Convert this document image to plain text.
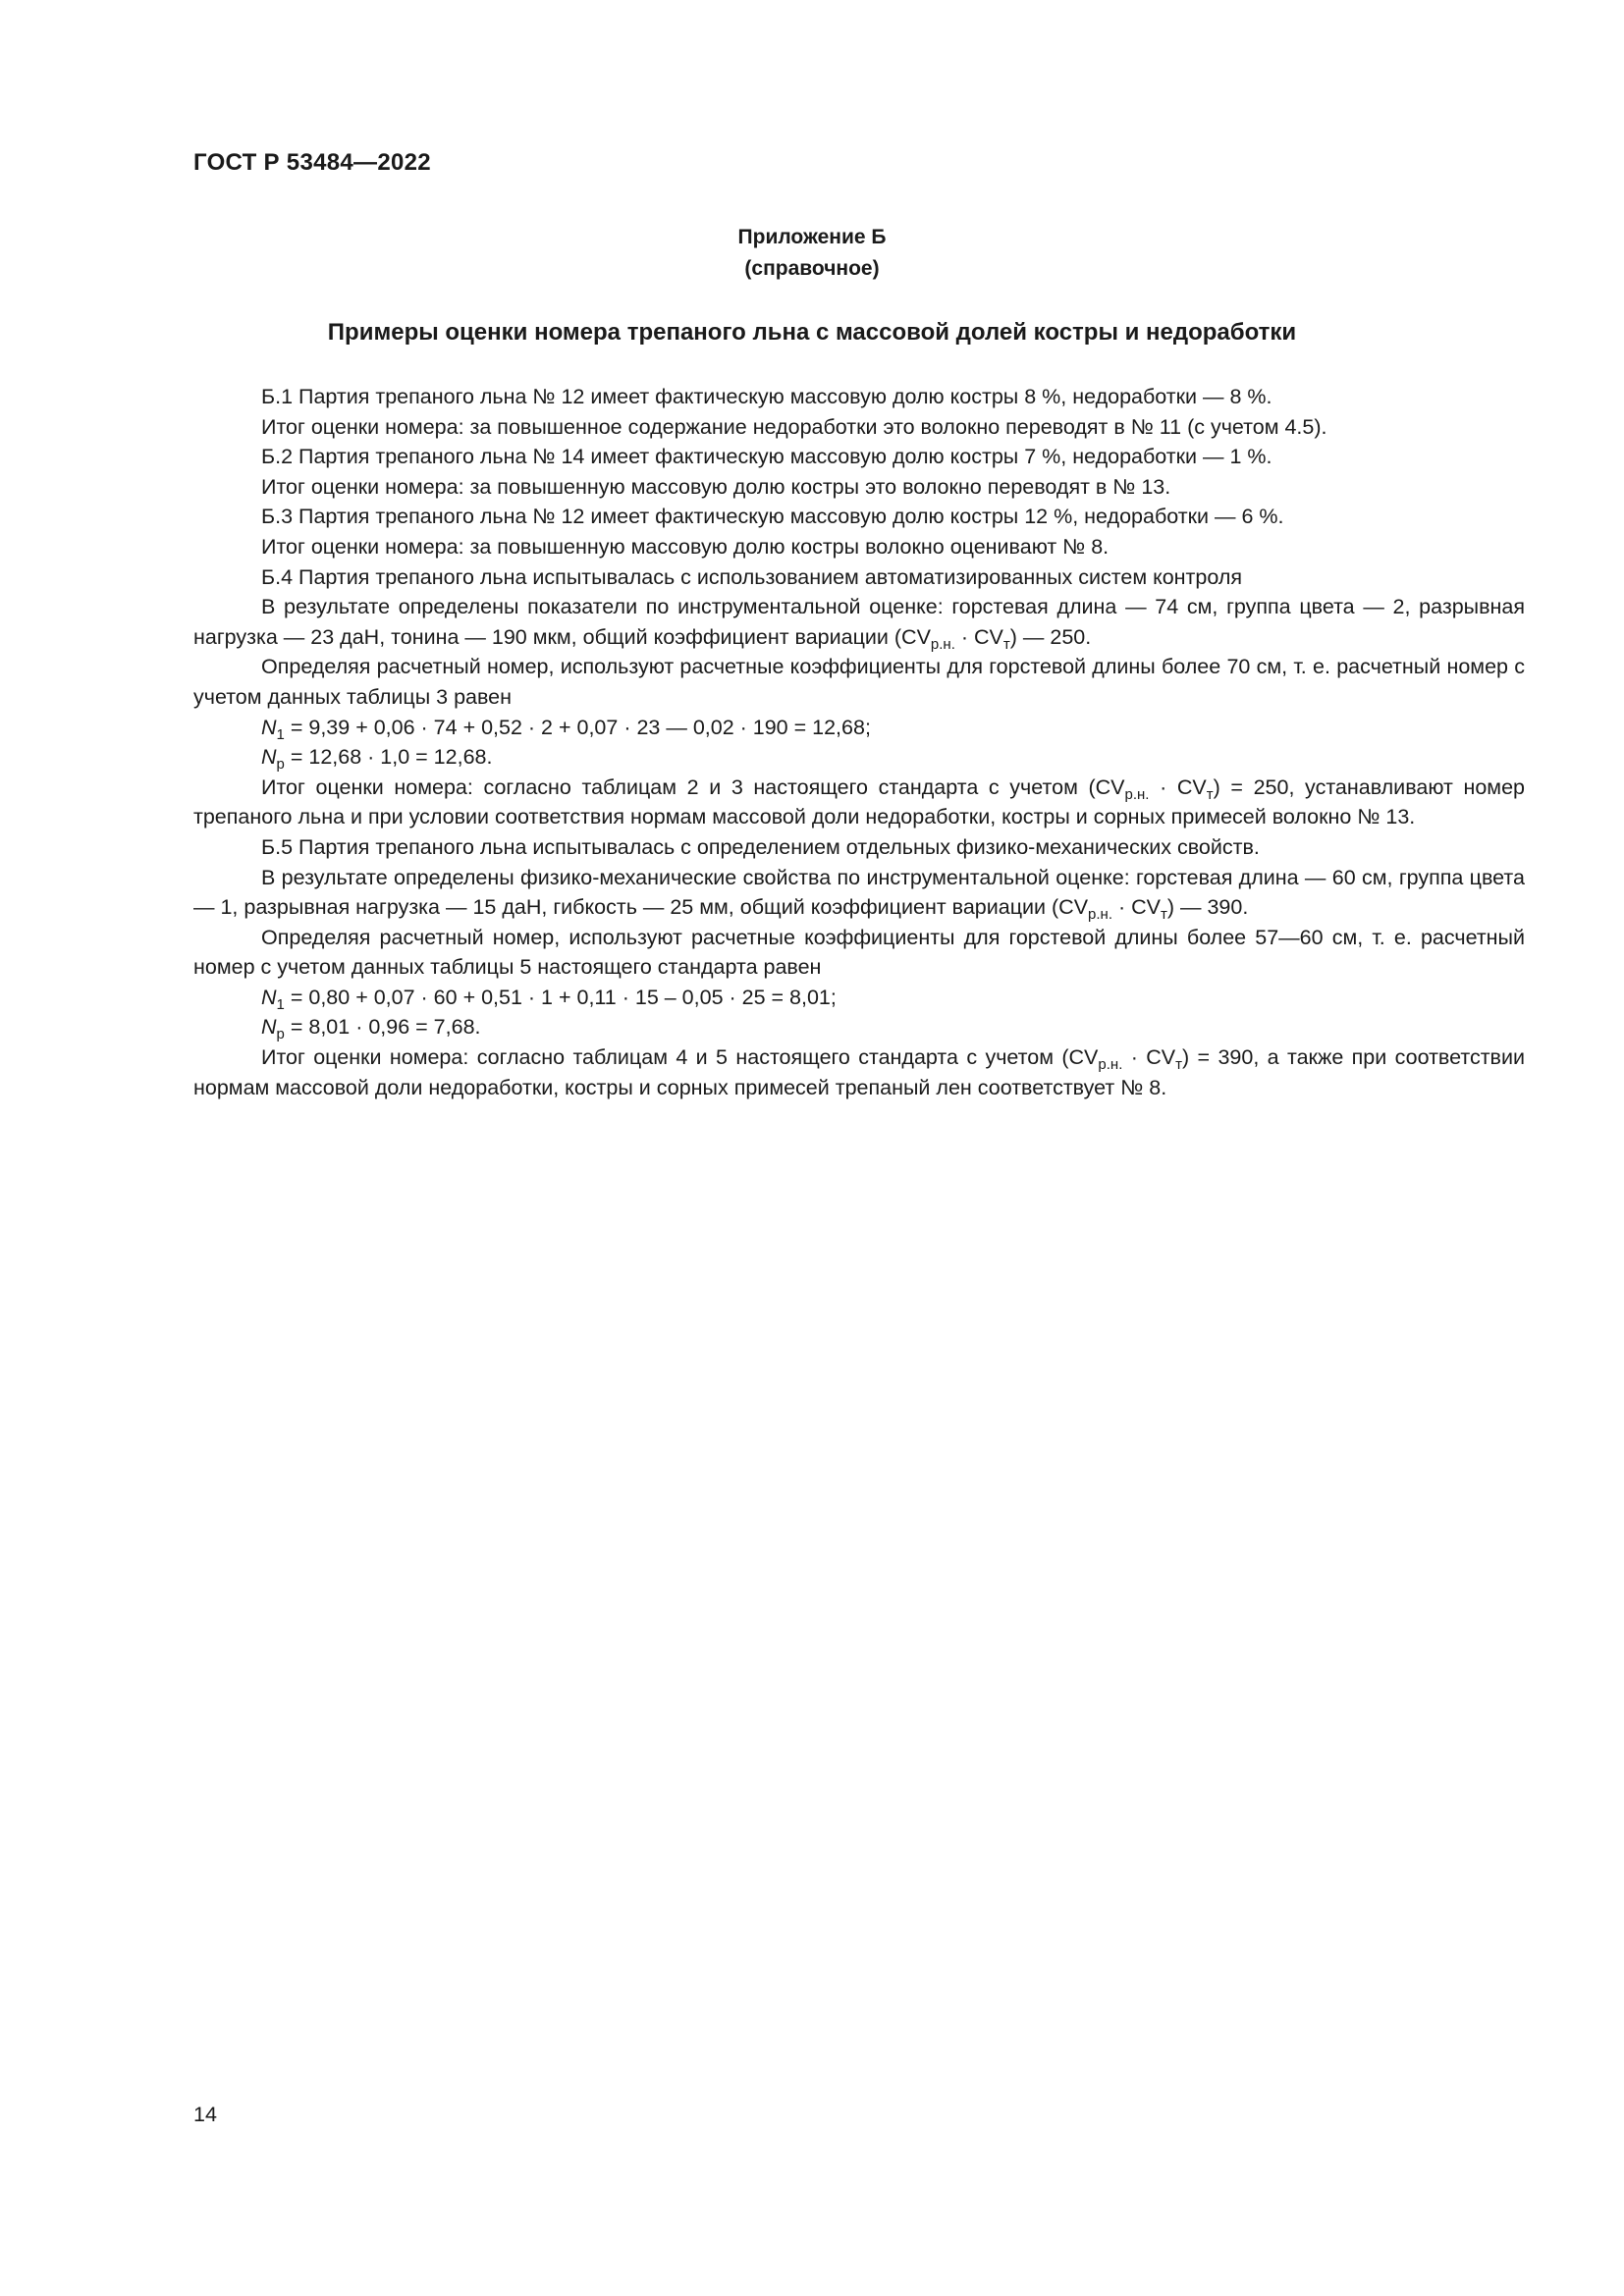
ГОСТ Р 53484—2022
Приложение Б
(справочное)
Примеры оценки номера трепаного льна с массовой долей костры и недоработки

Б.1 Партия трепаного льна № 12 имеет фактическую массовую долю костры 8 %, недоработки — 8 %.

Итог оценки номера: за повышенное содержание недоработки это волокно переводят в № 11 (с учетом 4.5).

Б.2 Партия трепаного льна № 14 имеет фактическую массовую долю костры 7 %, недоработки — 1 %.

Итог оценки номера: за повышенную массовую долю костры это волокно переводят в № 13.

Б.3 Партия трепаного льна № 12 имеет фактическую массовую долю костры 12 %, недоработки — 6 %.

Итог оценки номера: за повышенную массовую долю костры волокно оценивают № 8.

Б.4 Партия трепаного льна испытывалась с использованием автоматизированных систем контроля

В результате определены показатели по инструментальной оценке: горстевая длина — 74 см, группа цвета — 2, разрывная нагрузка — 23 даН, тонина — 190 мкм, общий коэффициент вариации $(CV_{р.н.} \cdot CV_т)$ — 250.

Определяя расчетный номер, используют расчетные коэффициенты для горстевой длины более 70 см, т. е. расчетный номер с учетом данных таблицы 3 равен

$N_1 = 9,39 + 0,06 \cdot 74 + 0,52 \cdot 2 + 0,07 \cdot 23$ — 0,02 · 190 = 12,68;

$N_р = 12,68 \cdot 1,0 = 12,68$.

Итог оценки номера: согласно таблицам 2 и 3 настоящего стандарта с учетом $(CV_{р.н.} \cdot CV_т) = 250$, устанавливают номер трепаного льна и при условии соответствия нормам массовой доли недоработки, костры и сорных примесей волокно № 13.

Б.5 Партия трепаного льна испытывалась с определением отдельных физико-механических свойств.

В результате определены физико-механические свойства по инструментальной оценке: горстевая длина — 60 см, группа цвета — 1, разрывная нагрузка — 15 даН, гибкость — 25 мм, общий коэффициент вариации $(CV_{р.н.} \cdot CV_т)$ — 390.

Определяя расчетный номер, используют расчетные коэффициенты для горстевой длины более 57—60 см, т. е. расчетный номер с учетом данных таблицы 5 настоящего стандарта равен

$N_1 = 0,80 + 0,07 \cdot 60 + 0,51 \cdot 1 + 0,11 \cdot 15 - 0,05 \cdot 25 = 8,01$;

$N_р = 8,01 \cdot 0,96 = 7,68$.

Итог оценки номера: согласно таблицам 4 и 5 настоящего стандарта с учетом $(CV_{р.н.} \cdot CV_т) = 390$, а также при соответствии нормам массовой доли недоработки, костры и сорных примесей трепаный лен соответствует № 8.

14
